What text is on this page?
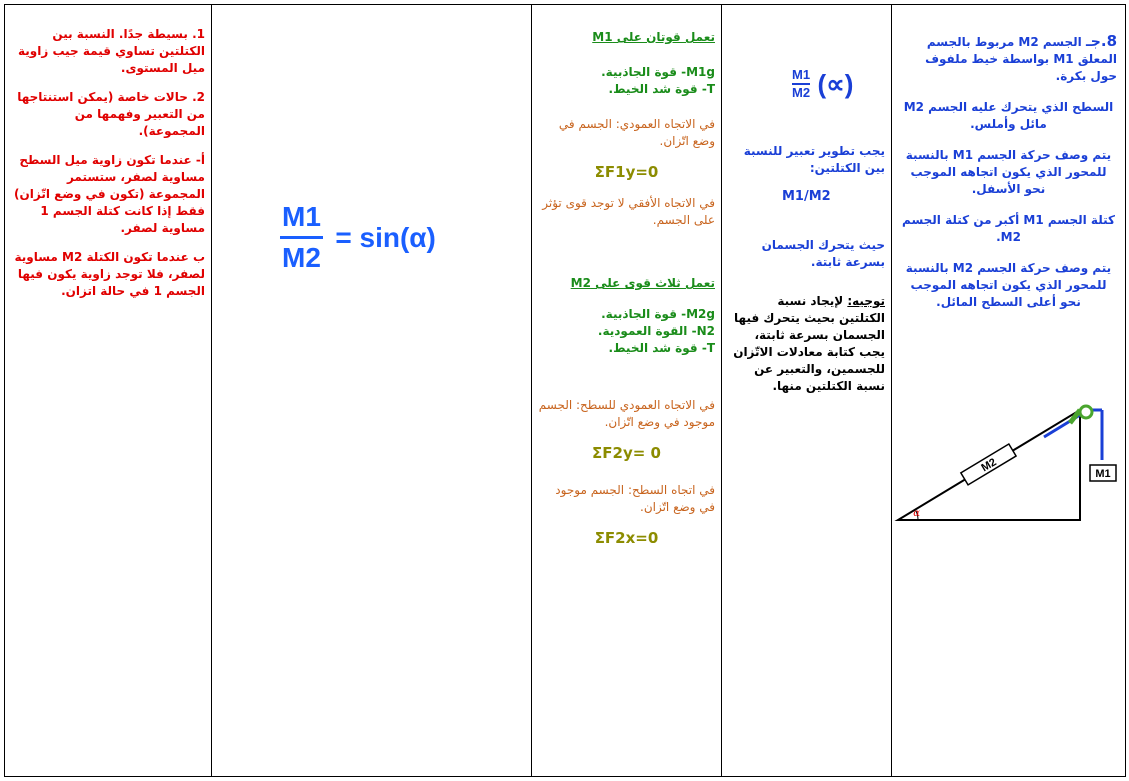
1. بسيطة جدًا. النسبة بين الكتلتين تساوي قيمة جيب زاوية ميل المستوى.

2. حالات خاصة (يمكن استنتاجها من التعبير وفهمها من المجموعة).

أ- عندما تكون زاوية ميل السطح مساوية لصفر، ستستمر المجموعة (تكون في وضع اتّزان) فقط إذا كانت كتلة الجسم 1 مساوية لصفر.

ب عندما تكون الكتلة M2 مساوية لصفر، فلا توجد زاوية يكون فيها الجسم 1 في حالة اتزان.

$\frac{M1}{M2} = \sin(\alpha)$

تعمل قوتان على M1
M1g- قوة الجاذبية.
T- قوة شد الخيط.
في الاتجاه العمودي: الجسم في وضع اتّزان.
ΣF1y=0
في الاتجاه الأفقي لا توجد قوى تؤثر على الجسم.
تعمل ثلاث قوى على M2
M2g- قوة الجاذبية.
N2- القوة العمودية.
T- قوة شد الخيط.
في الاتجاه العمودي للسطح: الجسم موجود في وضع اتّزان.
ΣF2y= 0
في اتجاه السطح: الجسم موجود في وضع اتّزان.
ΣF2x=0

$\frac{M1}{M2}$ (∝)
يجب تطوير تعبير للنسبة بين الكتلتين:
M1/M2
حيث يتحرك الجسمان بسرعة ثابتة.
توجيه: لإيجاد نسبة الكتلتين بحيث يتحرك فيها الجسمان بسرعة ثابتة، يجب كتابة معادلات الاتّزان للجسمين، والتعبير عن نسبة الكتلتين منها.

8.جـ الجسم M2 مربوط بالجسم المعلق M1 بواسطة خيط ملفوف حول بكرة.

السطح الذي يتحرك عليه الجسم M2 مائل وأملس.

يتم وصف حركة الجسم M1 بالنسبة للمحور الذي يكون اتجاهه الموجب نحو الأسفل.

كتلة الجسم M1 أكبر من كتلة الجسم M2.

يتم وصف حركة الجسم M2 بالنسبة للمحور الذي يكون اتجاهه الموجب نحو أعلى السطح المائل.

M2	M1
α
